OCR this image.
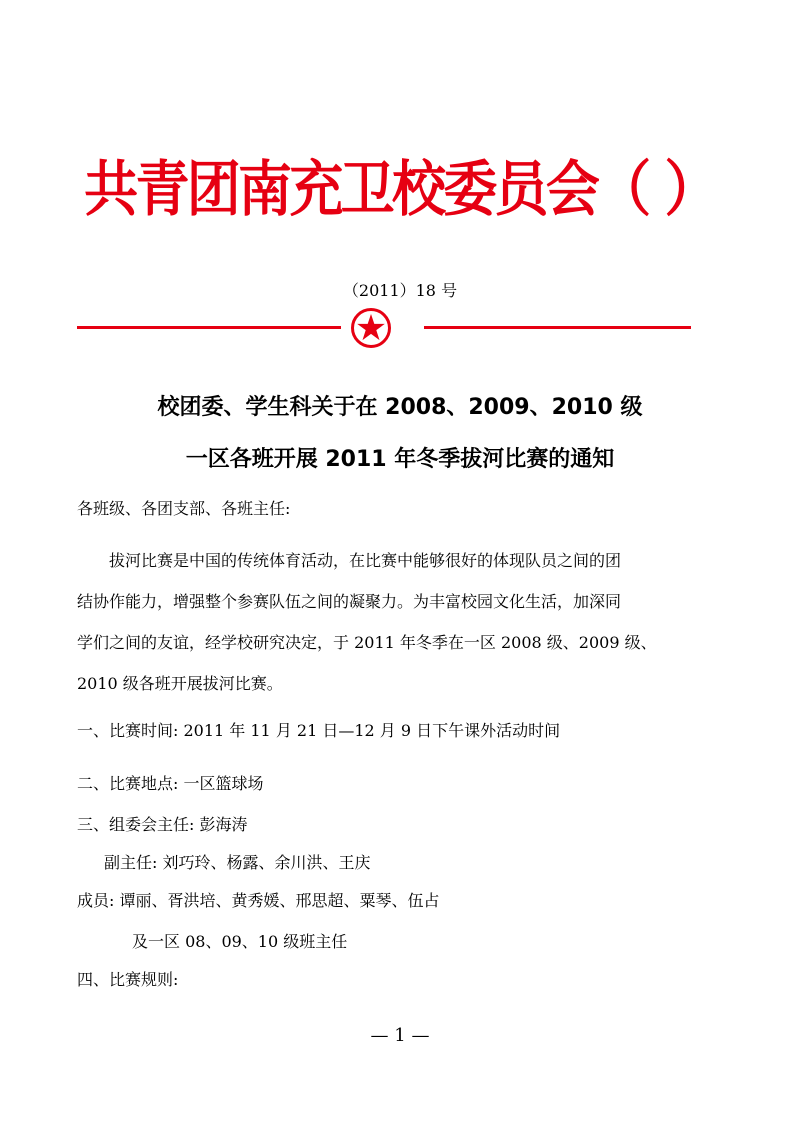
共青团南充卫校委员会（ ）
（2011）18 号
校团委、学生科关于在 2008、2009、2010 级
一区各班开展 2011 年冬季拔河比赛的通知
各班级、各团支部、各班主任:
拔河比赛是中国的传统体育活动，在比赛中能够很好的体现队员之间的团
结协作能力，增强整个参赛队伍之间的凝聚力。为丰富校园文化生活，加深同
学们之间的友谊，经学校研究决定，于 2011 年冬季在一区 2008 级、2009 级、
2010 级各班开展拔河比赛。
一、比赛时间: 2011 年 11 月 21 日—12 月 9 日下午课外活动时间
二、比赛地点: 一区篮球场
三、组委会主任: 彭海涛
副主任: 刘巧玲、杨露、余川洪、王庆
成员: 谭丽、胥洪培、黄秀媛、邢思超、粟琴、伍占
及一区 08、09、10 级班主任
四、比赛规则:
— 1 —
